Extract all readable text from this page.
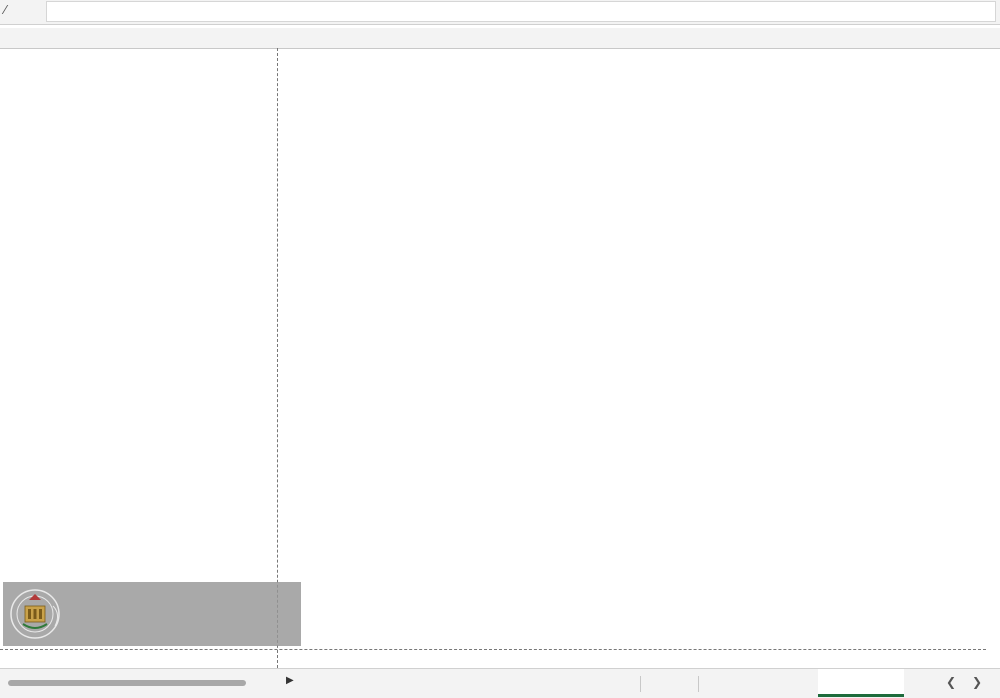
⁄
▶	❮ ❯
